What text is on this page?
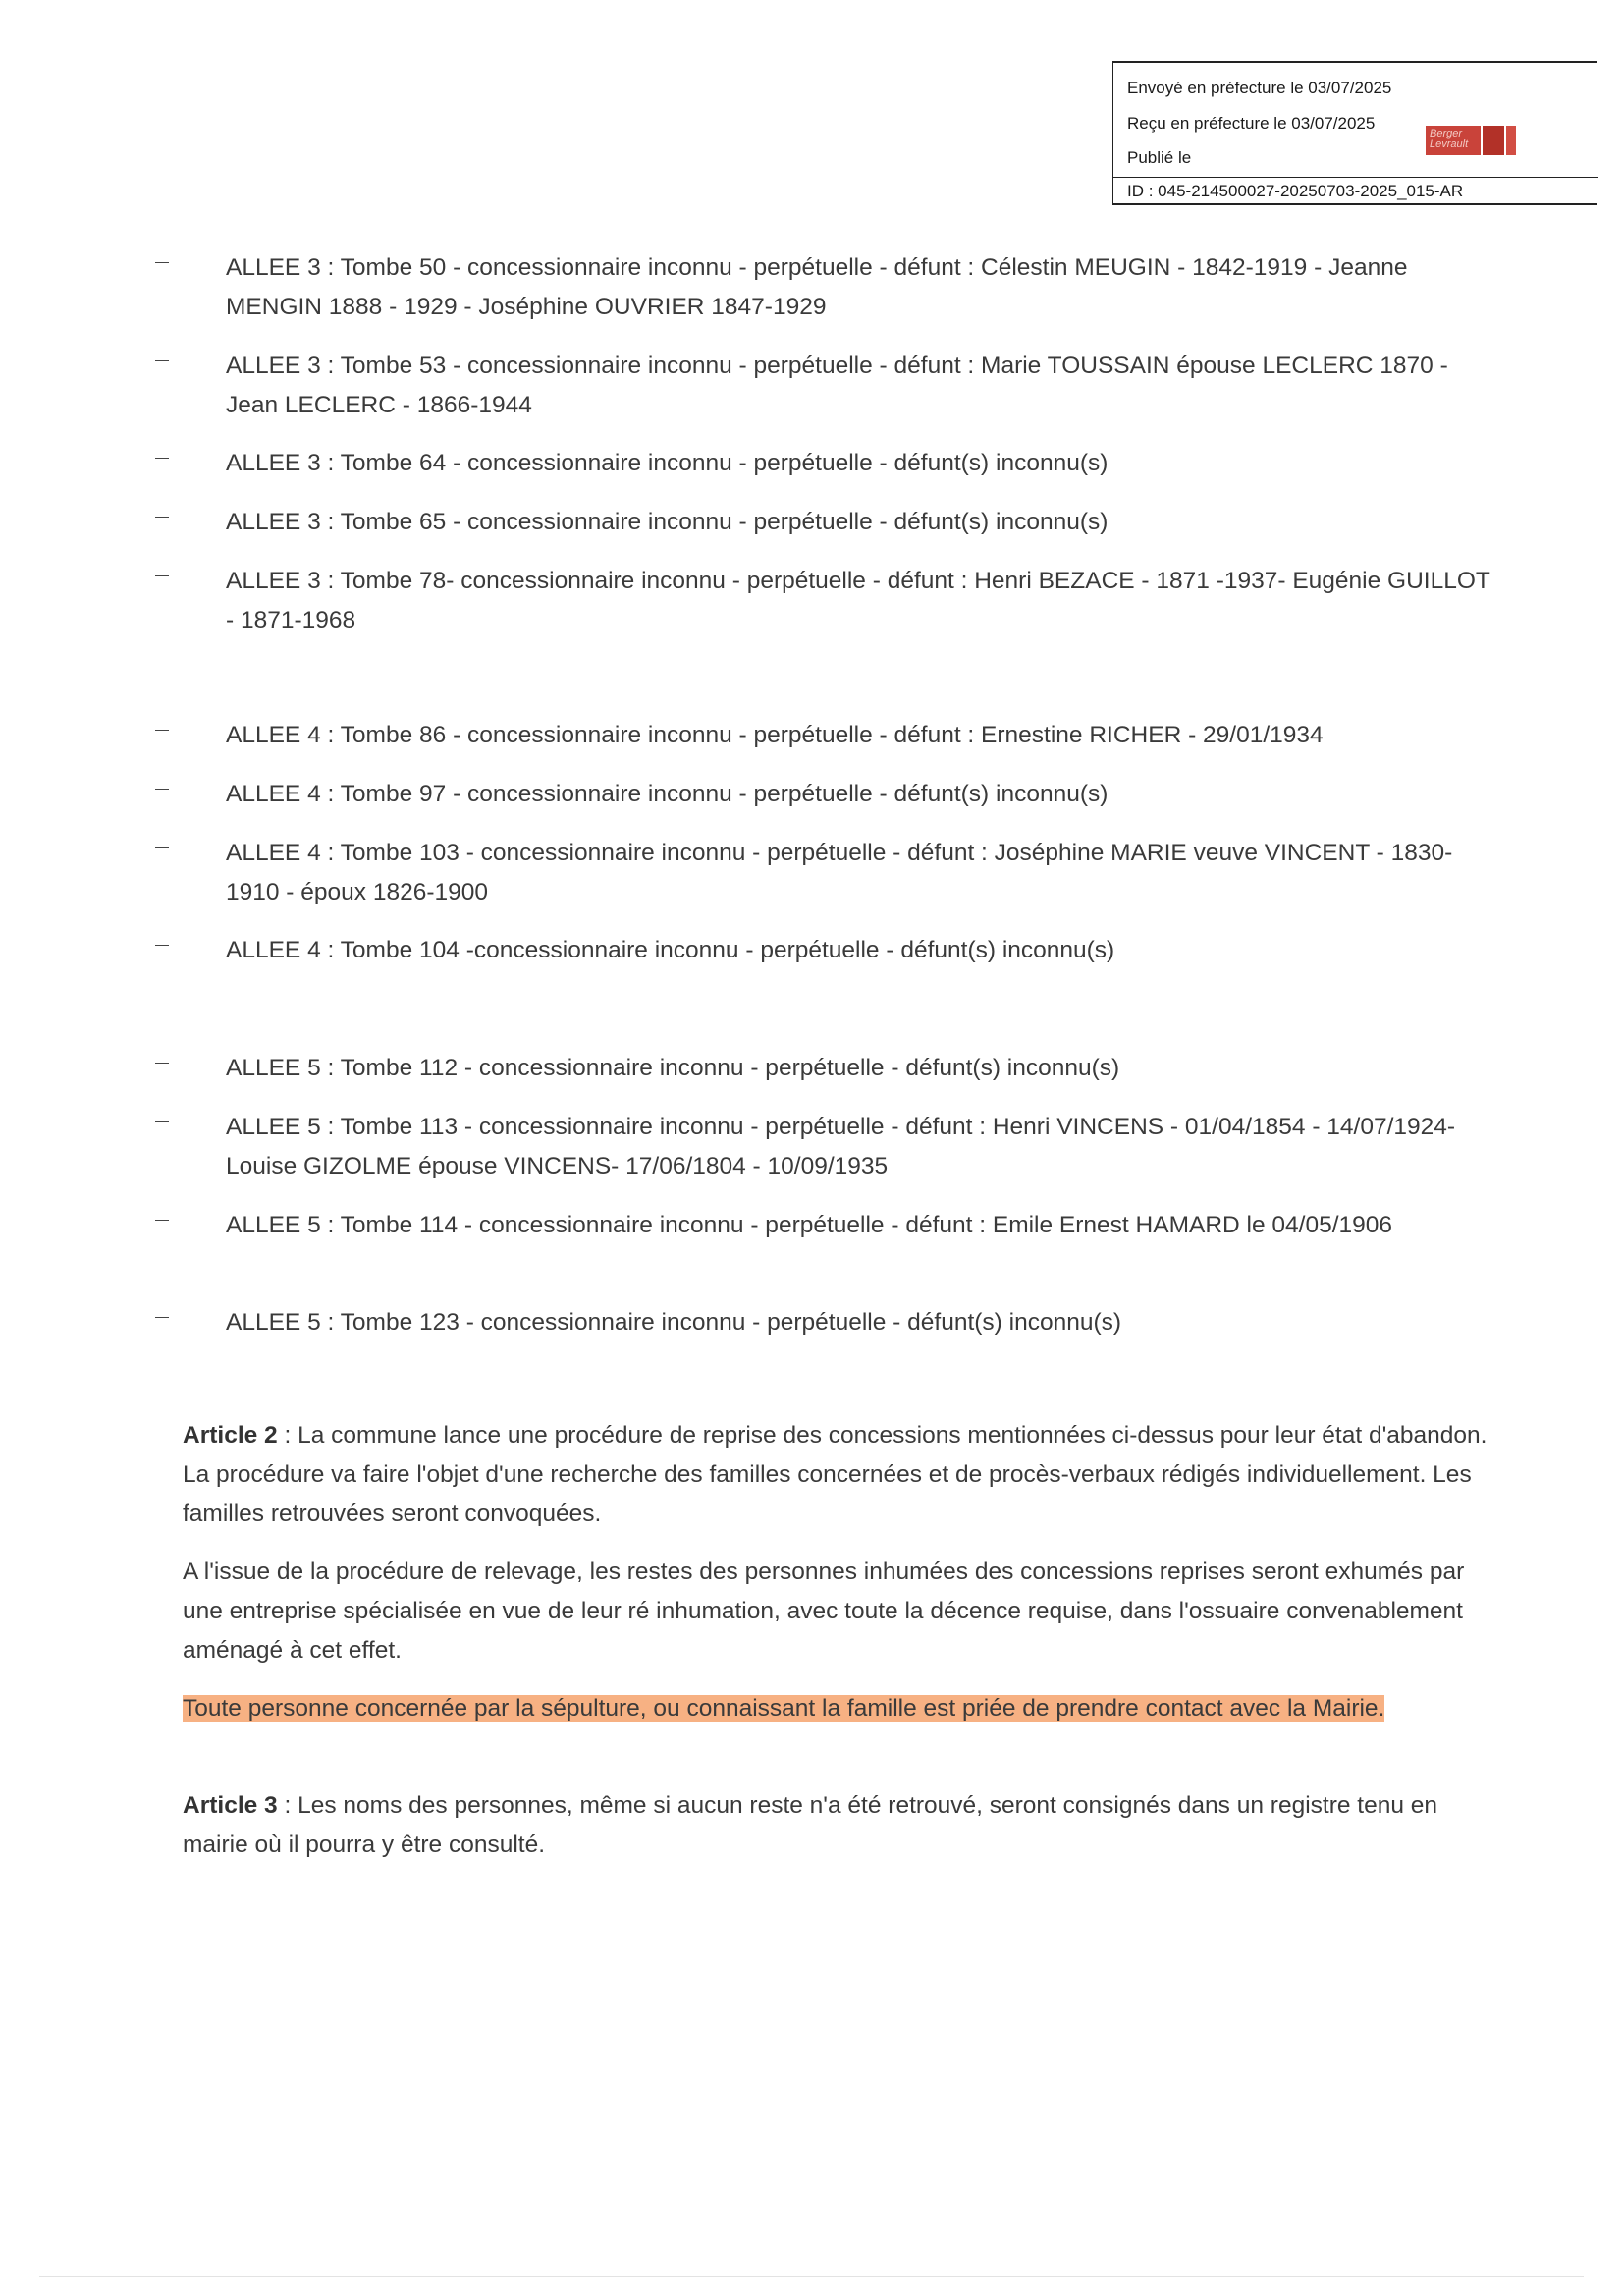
Envoyé en préfecture le 03/07/2025
Reçu en préfecture le 03/07/2025
Publié le
ID : 045-214500027-20250703-2025_015-AR
Berger Levrault
ALLEE 3 : Tombe 50 - concessionnaire inconnu - perpétuelle - défunt : Célestin MEUGIN - 1842-1919 - Jeanne MENGIN 1888 - 1929 - Joséphine OUVRIER 1847-1929
ALLEE 3 : Tombe 53 - concessionnaire inconnu - perpétuelle - défunt : Marie TOUSSAIN épouse LECLERC 1870 - Jean LECLERC - 1866-1944
ALLEE 3 : Tombe 64 - concessionnaire inconnu - perpétuelle - défunt(s) inconnu(s)
ALLEE 3 : Tombe 65 - concessionnaire inconnu - perpétuelle - défunt(s) inconnu(s)
ALLEE 3 : Tombe 78- concessionnaire inconnu - perpétuelle - défunt : Henri BEZACE - 1871 -1937- Eugénie GUILLOT - 1871-1968
ALLEE 4 : Tombe 86 - concessionnaire inconnu - perpétuelle - défunt : Ernestine RICHER - 29/01/1934
ALLEE 4 : Tombe 97 - concessionnaire inconnu - perpétuelle - défunt(s) inconnu(s)
ALLEE 4 : Tombe 103 - concessionnaire inconnu - perpétuelle - défunt : Joséphine MARIE veuve VINCENT - 1830-1910 - époux 1826-1900
ALLEE 4 : Tombe 104 -concessionnaire inconnu - perpétuelle - défunt(s) inconnu(s)
ALLEE 5 : Tombe 112 - concessionnaire inconnu - perpétuelle - défunt(s) inconnu(s)
ALLEE 5 : Tombe 113 - concessionnaire inconnu - perpétuelle - défunt : Henri VINCENS - 01/04/1854 - 14/07/1924- Louise GIZOLME épouse VINCENS- 17/06/1804 - 10/09/1935
ALLEE 5 : Tombe 114 - concessionnaire inconnu - perpétuelle - défunt : Emile Ernest HAMARD le 04/05/1906
ALLEE 5 : Tombe 123 - concessionnaire inconnu - perpétuelle - défunt(s) inconnu(s)
Article 2 : La commune lance une procédure de reprise des concessions mentionnées ci-dessus pour leur état d'abandon. La procédure va faire l'objet d'une recherche des familles concernées et de procès-verbaux rédigés individuellement. Les familles retrouvées seront convoquées.
A l'issue de la procédure de relevage, les restes des personnes inhumées des concessions reprises seront exhumés par une entreprise spécialisée en vue de leur ré inhumation, avec toute la décence requise, dans l'ossuaire convenablement aménagé à cet effet.
Toute personne concernée par la sépulture, ou connaissant la famille est priée de prendre contact avec la Mairie.
Article 3 : Les noms des personnes, même si aucun reste n'a été retrouvé, seront consignés dans un registre tenu en mairie où il pourra y être consulté.
